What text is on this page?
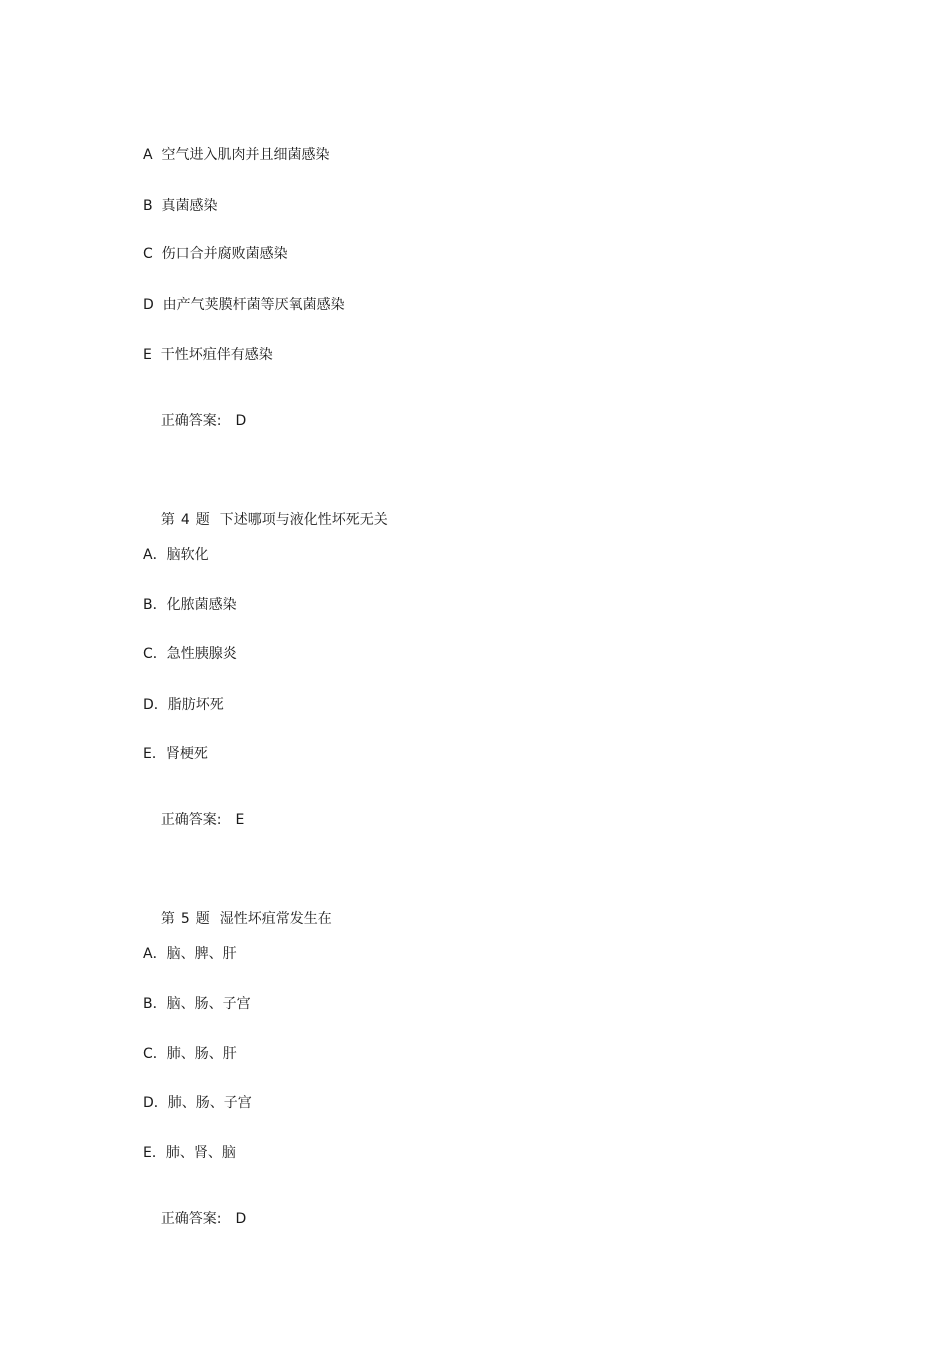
A  空气进入肌肉并且细菌感染
B  真菌感染
C  伤口合并腐败菌感染
D  由产气荚膜杆菌等厌氧菌感染
E  干性坏疽伴有感染

正确答案: D

第 4 题 下述哪项与液化性坏死无关

A．脑软化
B．化脓菌感染
C．急性胰腺炎
D．脂肪坏死
E．肾梗死

正确答案: E

第 5 题 湿性坏疽常发生在

A．脑、脾、肝
B．脑、肠、子宫
C．肺、肠、肝
D．肺、肠、子宫
E．肺、肾、脑

正确答案: D
